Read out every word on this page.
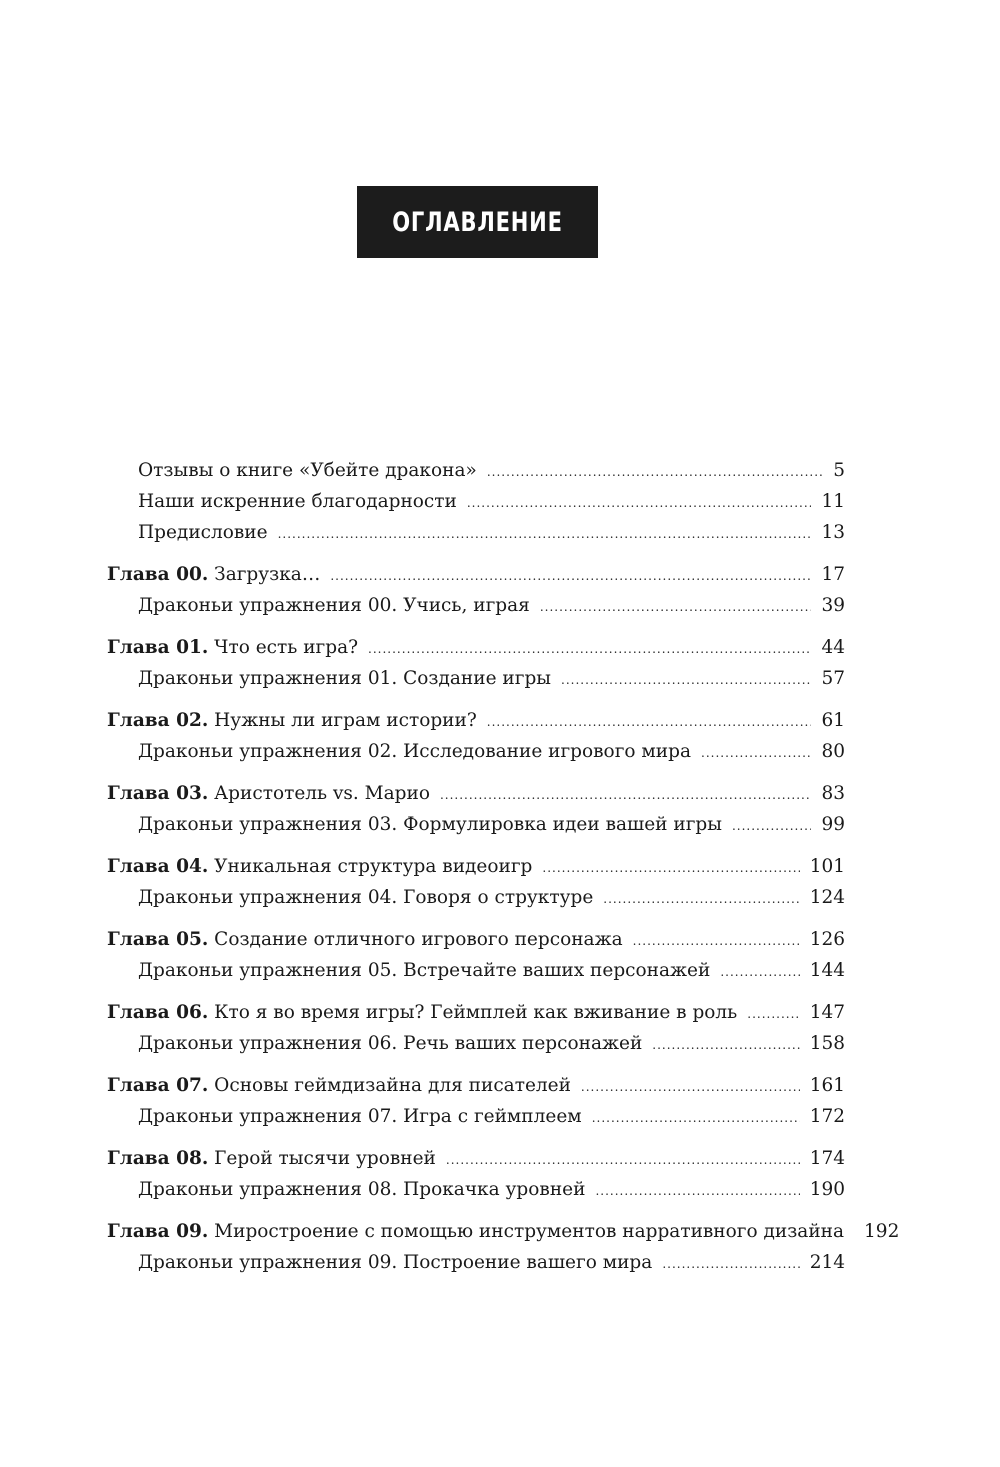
ОГЛАВЛЕНИЕ
Отзывы о книге «Убейте дракона» .....	5
Наши искренние благодарности .....	11
Предисловие .....	13
Глава 00. Загрузка… .....	17
Драконьи упражнения 00. Учись, играя .....	39
Глава 01. Что есть игра? .....	44
Драконьи упражнения 01. Создание игры .....	57
Глава 02. Нужны ли играм истории? .....	61
Драконьи упражнения 02. Исследование игрового мира .....	80
Глава 03. Аристотель vs. Марио .....	83
Драконьи упражнения 03. Формулировка идеи вашей игры .....	99
Глава 04. Уникальная структура видеоигр .....	101
Драконьи упражнения 04. Говоря о структуре .....	124
Глава 05. Создание отличного игрового персонажа .....	126
Драконьи упражнения 05. Встречайте ваших персонажей .....	144
Глава 06. Кто я во время игры? Геймплей как вживание в роль .....	147
Драконьи упражнения 06. Речь ваших персонажей .....	158
Глава 07. Основы геймдизайна для писателей .....	161
Драконьи упражнения 07. Игра с геймплеем .....	172
Глава 08. Герой тысячи уровней .....	174
Драконьи упражнения 08. Прокачка уровней .....	190
Глава 09. Миростроение с помощью инструментов нарративного дизайна 192
Драконьи упражнения 09. Построение вашего мира .....	214
